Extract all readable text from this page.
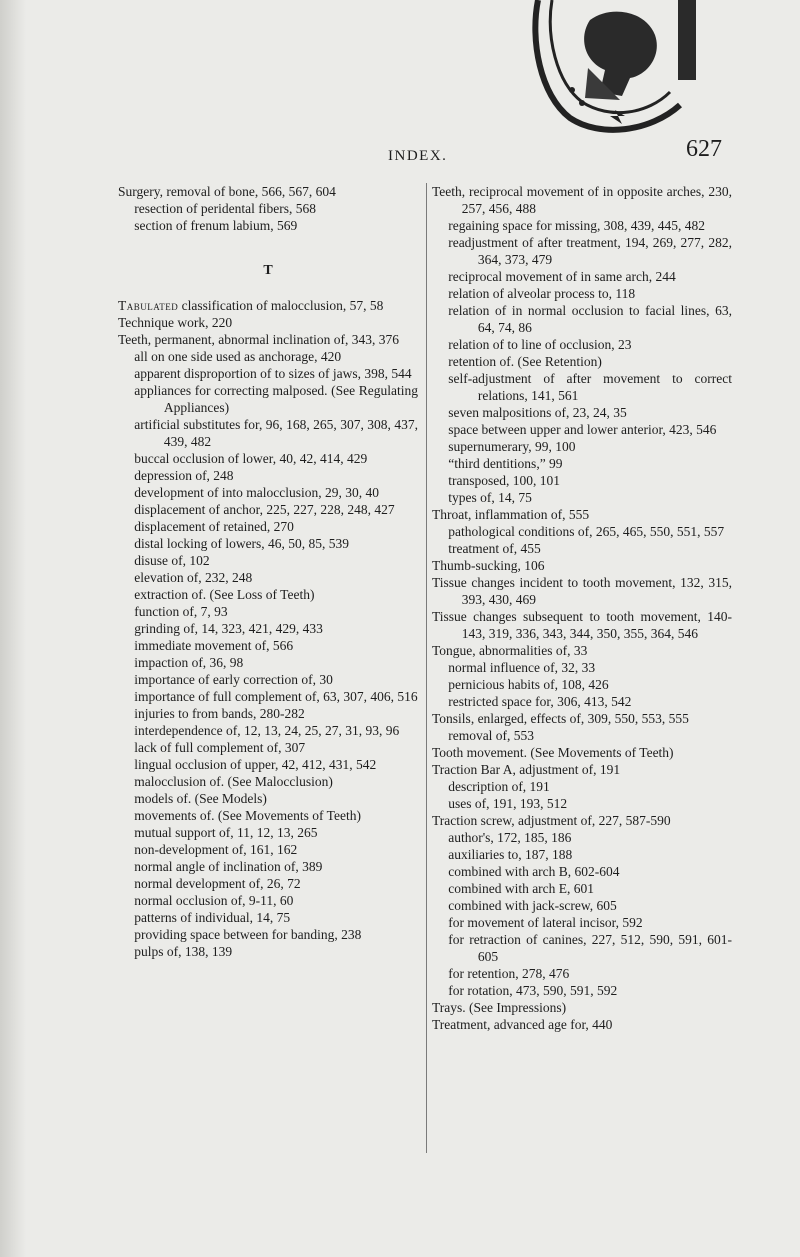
INDEX.	627

Surgery, removal of bone, 566, 567, 604

resection of peridental fibers, 568

section of frenum labium, 569

T

Tabulated classification of malocclusion, 57, 58

Technique work, 220

Teeth, permanent, abnormal inclination of, 343, 376

all on one side used as anchorage, 420

apparent disproportion of to sizes of jaws, 398, 544

appliances for correcting malposed. (See Regulating Appliances)

artificial substitutes for, 96, 168, 265, 307, 308, 437, 439, 482

buccal occlusion of lower, 40, 42, 414, 429

depression of, 248

development of into malocclusion, 29, 30, 40

displacement of anchor, 225, 227, 228, 248, 427

displacement of retained, 270

distal locking of lowers, 46, 50, 85, 539

disuse of, 102

elevation of, 232, 248

extraction of. (See Loss of Teeth)

function of, 7, 93

grinding of, 14, 323, 421, 429, 433

immediate movement of, 566

impaction of, 36, 98

importance of early correction of, 30

importance of full complement of, 63, 307, 406, 516

injuries to from bands, 280-282

interdependence of, 12, 13, 24, 25, 27, 31, 93, 96

lack of full complement of, 307

lingual occlusion of upper, 42, 412, 431, 542

malocclusion of. (See Malocclusion)

models of. (See Models)

movements of. (See Movements of Teeth)

mutual support of, 11, 12, 13, 265

non-development of, 161, 162

normal angle of inclination of, 389

normal development of, 26, 72

normal occlusion of, 9-11, 60

patterns of individual, 14, 75

providing space between for banding, 238

pulps of, 138, 139

Teeth, reciprocal movement of in opposite arches, 230, 257, 456, 488

regaining space for missing, 308, 439, 445, 482

readjustment of after treatment, 194, 269, 277, 282, 364, 373, 479

reciprocal movement of in same arch, 244

relation of alveolar process to, 118

relation of in normal occlusion to facial lines, 63, 64, 74, 86

relation of to line of occlusion, 23

retention of. (See Retention)

self-adjustment of after movement to correct relations, 141, 561

seven malpositions of, 23, 24, 35

space between upper and lower anterior, 423, 546

supernumerary, 99, 100

“third dentitions,” 99

transposed, 100, 101

types of, 14, 75

Throat, inflammation of, 555

pathological conditions of, 265, 465, 550, 551, 557

treatment of, 455

Thumb-sucking, 106

Tissue changes incident to tooth movement, 132, 315, 393, 430, 469

Tissue changes subsequent to tooth movement, 140-143, 319, 336, 343, 344, 350, 355, 364, 546

Tongue, abnormalities of, 33

normal influence of, 32, 33

pernicious habits of, 108, 426

restricted space for, 306, 413, 542

Tonsils, enlarged, effects of, 309, 550, 553, 555

removal of, 553

Tooth movement. (See Movements of Teeth)

Traction Bar A, adjustment of, 191

description of, 191

uses of, 191, 193, 512

Traction screw, adjustment of, 227, 587-590

author's, 172, 185, 186

auxiliaries to, 187, 188

combined with arch B, 602-604

combined with arch E, 601

combined with jack-screw, 605

for movement of lateral incisor, 592

for retraction of canines, 227, 512, 590, 591, 601-605

for retention, 278, 476

for rotation, 473, 590, 591, 592

Trays. (See Impressions)

Treatment, advanced age for, 440
